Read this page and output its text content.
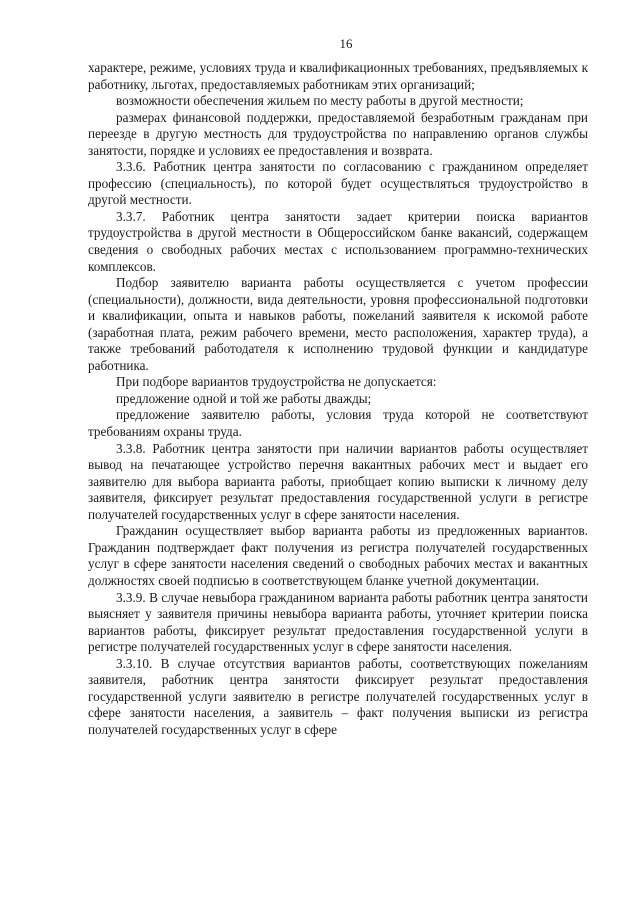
16

характере, режиме, условиях труда и квалификационных требованиях, предъявляемых к работнику, льготах, предоставляемых работникам этих организаций;

возможности обеспечения жильем по месту работы в другой местности;

размерах финансовой поддержки, предоставляемой безработным гражданам при переезде в другую местность для трудоустройства по направлению органов службы занятости, порядке и условиях ее предоставления и возврата.

3.3.6. Работник центра занятости по согласованию с гражданином определяет профессию (специальность), по которой будет осуществляться трудоустройство в другой местности.

3.3.7. Работник центра занятости задает критерии поиска вариантов трудоустройства в другой местности в Общероссийском банке вакансий, содержащем сведения о свободных рабочих местах с использованием программно-технических комплексов.

Подбор заявителю варианта работы осуществляется с учетом профессии (специальности), должности, вида деятельности, уровня профессиональной подготовки и квалификации, опыта и навыков работы, пожеланий заявителя к искомой работе (заработная плата, режим рабочего времени, место расположения, характер труда), а также требований работодателя к исполнению трудовой функции и кандидатуре работника.

При подборе вариантов трудоустройства не допускается:

предложение одной и той же работы дважды;

предложение заявителю работы, условия труда которой не соответствуют требованиям охраны труда.

3.3.8. Работник центра занятости при наличии вариантов работы осуществляет вывод на печатающее устройство перечня вакантных рабочих мест и выдает его заявителю для выбора варианта работы, приобщает копию выписки к личному делу заявителя, фиксирует результат предоставления государственной услуги в регистре получателей государственных услуг в сфере занятости населения.

Гражданин осуществляет выбор варианта работы из предложенных вариантов. Гражданин подтверждает факт получения из регистра получателей государственных услуг в сфере занятости населения сведений о свободных рабочих местах и вакантных должностях своей подписью в соответствующем бланке учетной документации.

3.3.9. В случае невыбора гражданином варианта работы работник центра занятости выясняет у заявителя причины невыбора варианта работы, уточняет критерии поиска вариантов работы, фиксирует результат предоставления государственной услуги в регистре получателей государственных услуг в сфере занятости населения.

3.3.10. В случае отсутствия вариантов работы, соответствующих пожеланиям заявителя, работник центра занятости фиксирует результат предоставления государственной услуги заявителю в регистре получателей государственных услуг в сфере занятости населения, а заявитель – факт получения выписки из регистра получателей государственных услуг в сфере
